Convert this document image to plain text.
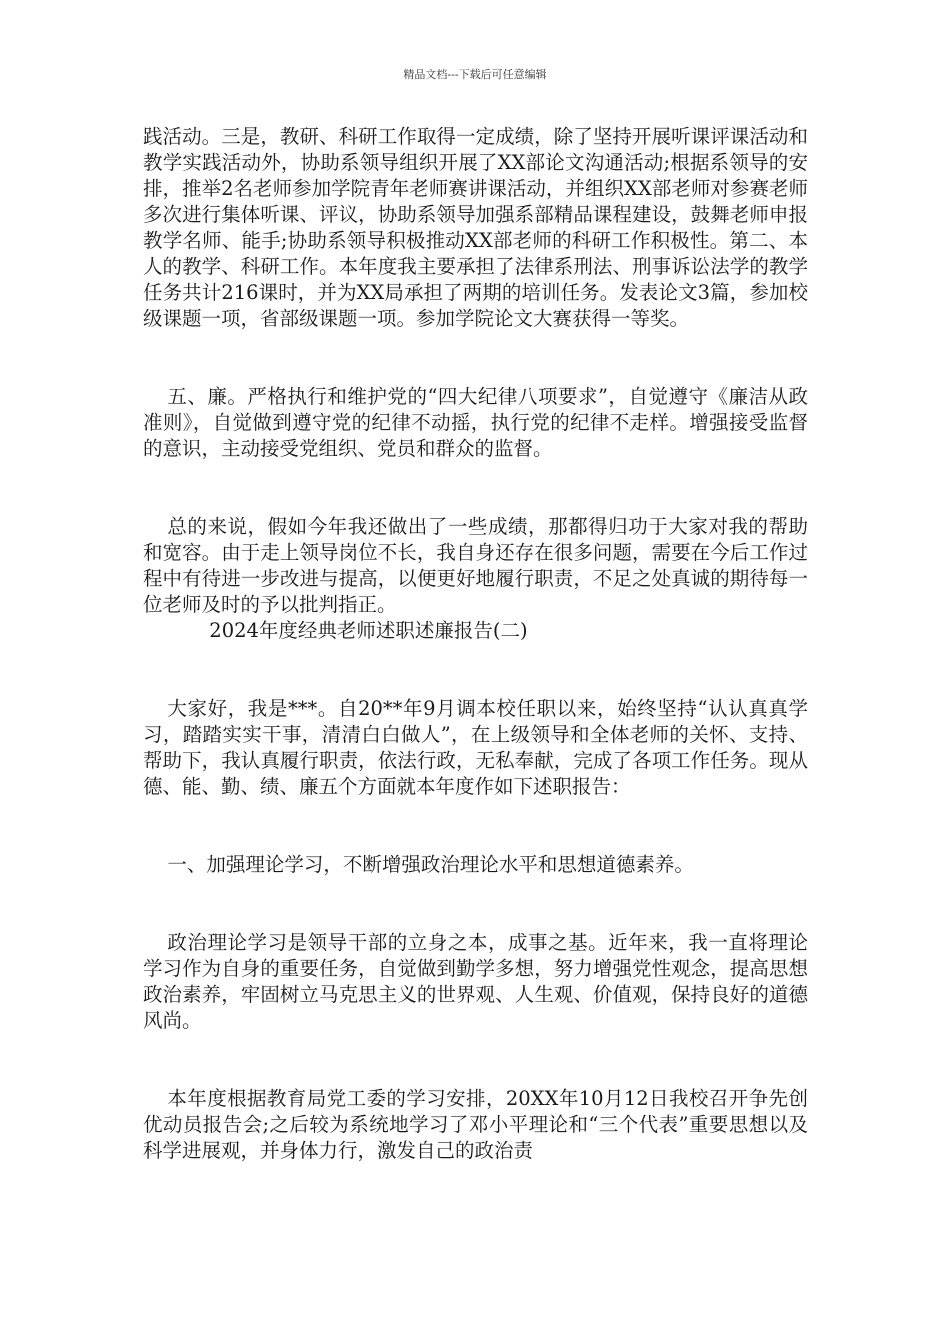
精品文档---下载后可任意编辑

践活动。三是，教研、科研工作取得一定成绩，除了坚持开展听课评课活动和教学实践活动外，协助系领导组织开展了XX部论文沟通活动;根据系领导的安排，推举2名老师参加学院青年老师赛讲课活动，并组织XX部老师对参赛老师多次进行集体听课、评议，协助系领导加强系部精品课程建设，鼓舞老师申报教学名师、能手;协助系领导积极推动XX部老师的科研工作积极性。第二、本人的教学、科研工作。本年度我主要承担了法律系刑法、刑事诉讼法学的教学任务共计216课时，并为XX局承担了两期的培训任务。发表论文3篇，参加校级课题一项，省部级课题一项。参加学院论文大赛获得一等奖。

五、廉。严格执行和维护党的“四大纪律八项要求”，自觉遵守《廉洁从政准则》，自觉做到遵守党的纪律不动摇，执行党的纪律不走样。增强接受监督的意识，主动接受党组织、党员和群众的监督。

总的来说，假如今年我还做出了一些成绩，那都得归功于大家对我的帮助和宽容。由于走上领导岗位不长，我自身还存在很多问题，需要在今后工作过程中有待进一步改进与提高，以便更好地履行职责，不足之处真诚的期待每一位老师及时的予以批判指正。

2024年度经典老师述职述廉报告(二)

大家好，我是***。自20**年9月调本校任职以来，始终坚持“认认真真学习，踏踏实实干事，清清白白做人”，在上级领导和全体老师的关怀、支持、帮助下，我认真履行职责，依法行政，无私奉献，完成了各项工作任务。现从德、能、勤、绩、廉五个方面就本年度作如下述职报告：

一、加强理论学习，不断增强政治理论水平和思想道德素养。

政治理论学习是领导干部的立身之本，成事之基。近年来，我一直将理论学习作为自身的重要任务，自觉做到勤学多想，努力增强党性观念，提高思想政治素养，牢固树立马克思主义的世界观、人生观、价值观，保持良好的道德风尚。

本年度根据教育局党工委的学习安排，20XX年10月12日我校召开争先创优动员报告会;之后较为系统地学习了邓小平理论和“三个代表”重要思想以及科学进展观，并身体力行，激发自己的政治责
